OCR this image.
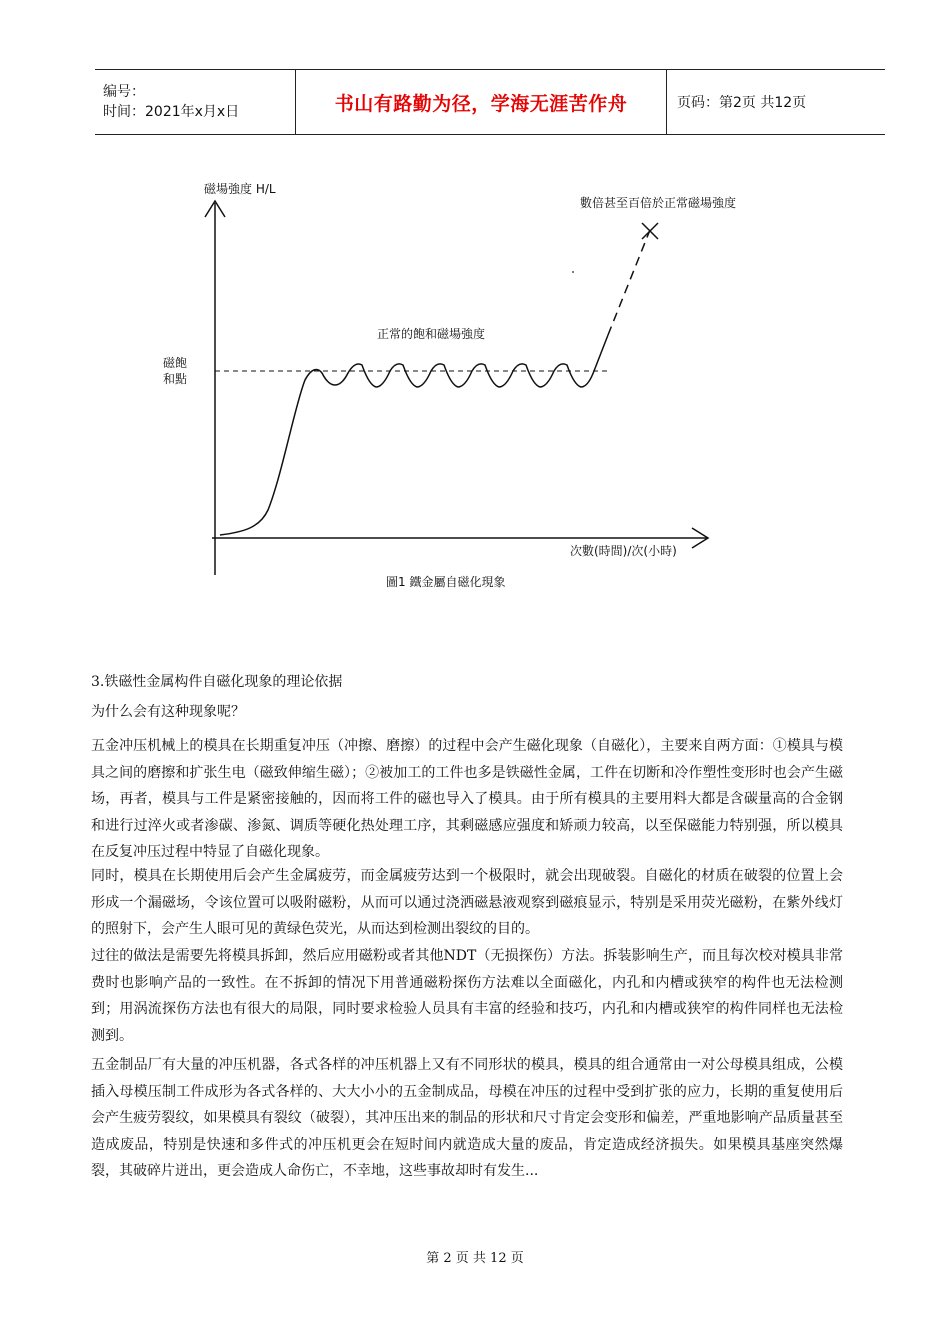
编号：
时间：2021年x月x日	书山有路勤为径，学海无涯苦作舟	页码：第2页 共12页
磁場強度 H/L
次數(時間)/次(小時)
磁飽
和點
正常的飽和磁場強度
數倍甚至百倍於正常磁場強度
圖1 鐵金屬自磁化現象
3.铁磁性金属构件自磁化现象的理论依据
为什么会有这种现象呢？

五金冲压机械上的模具在长期重复冲压（冲擦、磨擦）的过程中会产生磁化现象（自磁化），主要来自两方面：①模具与模具之间的磨擦和扩张生电（磁致伸缩生磁）；②被加工的工件也多是铁磁性金属，工件在切断和冷作塑性变形时也会产生磁场，再者，模具与工件是紧密接触的，因而将工件的磁也导入了模具。由于所有模具的主要用料大都是含碳量高的合金钢和进行过淬火或者渗碳、渗氮、调质等硬化热处理工序，其剩磁感应强度和矫顽力较高，以至保磁能力特别强，所以模具在反复冲压过程中特显了自磁化现象。

同时，模具在长期使用后会产生金属疲劳，而金属疲劳达到一个极限时，就会出现破裂。自磁化的材质在破裂的位置上会形成一个漏磁场，令该位置可以吸附磁粉，从而可以通过浇洒磁悬液观察到磁痕显示，特别是采用荧光磁粉，在紫外线灯的照射下，会产生人眼可见的黄绿色荧光，从而达到检测出裂纹的目的。

过往的做法是需要先将模具拆卸，然后应用磁粉或者其他NDT（无损探伤）方法。拆装影响生产，而且每次校对模具非常费时也影响产品的一致性。在不拆卸的情况下用普通磁粉探伤方法难以全面磁化，内孔和内槽或狭窄的构件也无法检测到；用涡流探伤方法也有很大的局限，同时要求检验人员具有丰富的经验和技巧，内孔和内槽或狭窄的构件同样也无法检测到。

五金制品厂有大量的冲压机器，各式各样的冲压机器上又有不同形状的模具，模具的组合通常由一对公母模具组成，公模插入母模压制工件成形为各式各样的、大大小小的五金制成品，母模在冲压的过程中受到扩张的应力，长期的重复使用后会产生疲劳裂纹，如果模具有裂纹（破裂），其冲压出来的制品的形状和尺寸肯定会变形和偏差，严重地影响产品质量甚至造成废品，特别是快速和多件式的冲压机更会在短时间内就造成大量的废品，肯定造成经济损失。如果模具基座突然爆裂，其破碎片迸出，更会造成人命伤亡，不幸地，这些事故却时有发生...

第 2 页 共 12 页
